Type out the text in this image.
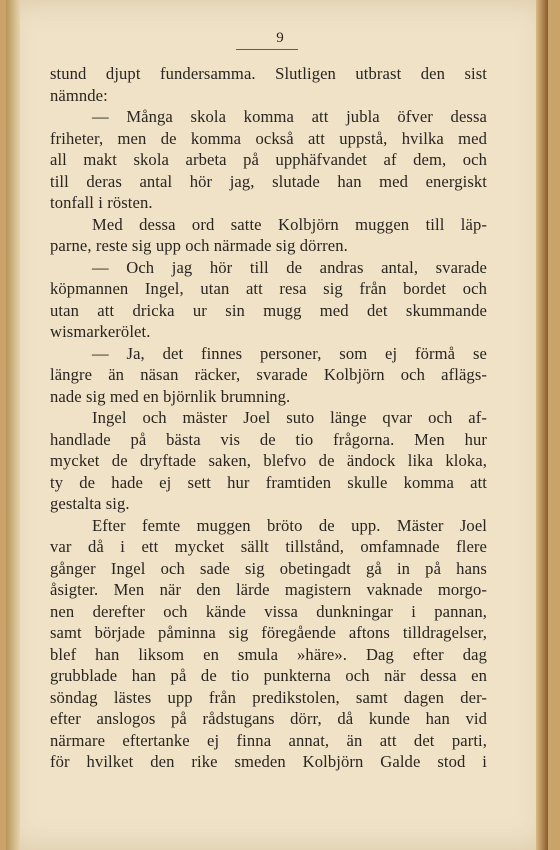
9
stund djupt fundersamma. Slutligen utbrast den sist
nämnde:
— Många skola komma att jubla öfver dessa
friheter, men de komma också att uppstå, hvilka med
all makt skola arbeta på upphäfvandet af dem, och
till deras antal hör jag, slutade han med energiskt
tonfall i rösten.
Med dessa ord satte Kolbjörn muggen till läp-
parne, reste sig upp och närmade sig dörren.
— Och jag hör till de andras antal, svarade
köpmannen Ingel, utan att resa sig från bordet och
utan att dricka ur sin mugg med det skummande
wismarkerölet.
— Ja, det finnes personer, som ej förmå se
längre än näsan räcker, svarade Kolbjörn och aflägs-
nade sig med en björnlik brumning.
Ingel och mäster Joel suto länge qvar och af-
handlade på bästa vis de tio frågorna. Men hur
mycket de dryftade saken, blefvo de ändock lika kloka,
ty de hade ej sett hur framtiden skulle komma att
gestalta sig.
Efter femte muggen bröto de upp. Mäster Joel
var då i ett mycket sällt tillstånd, omfamnade flere
gånger Ingel och sade sig obetingadt gå in på hans
åsigter. Men när den lärde magistern vaknade morgo-
nen derefter och kände vissa dunkningar i pannan,
samt började påminna sig föregående aftons tilldragelser,
blef han liksom en smula »häre». Dag efter dag
grubblade han på de tio punkterna och när dessa en
söndag lästes upp från predikstolen, samt dagen der-
efter anslogos på rådstugans dörr, då kunde han vid
närmare eftertanke ej finna annat, än att det parti,
för hvilket den rike smeden Kolbjörn Galde stod i
